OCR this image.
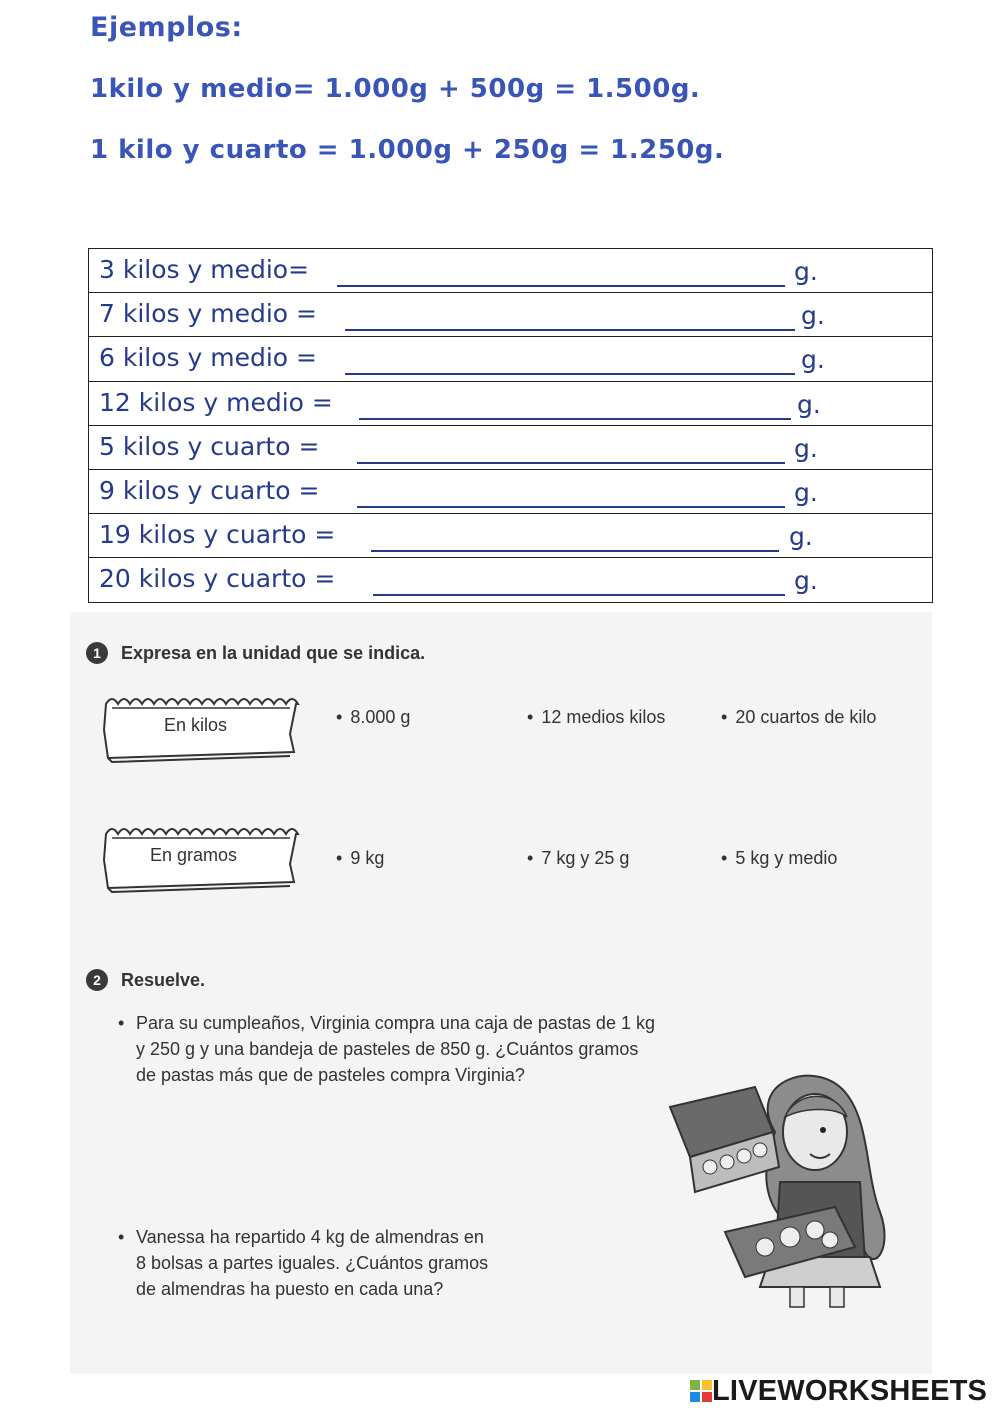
Ejemplos:
1kilo y medio= 1.000g + 500g = 1.500g.
1 kilo y cuarto = 1.000g + 250g = 1.250g.
3 kilos y medio=	g.
7 kilos y medio =	g.
6 kilos y medio =	g.
12 kilos y medio =	g.
5 kilos y cuarto =	g.
9 kilos y cuarto =	g.
19 kilos y cuarto =	g.
20 kilos y cuarto =	g.
1	Expresa en la unidad que se indica.
En kilos	• 8.000 g	• 12 medios kilos	• 20 cuartos de kilo
En gramos	• 9 kg	• 7 kg y 25 g	• 5 kg y medio
2	Resuelve.
• Para su cumpleaños, Virginia compra una caja de pastas de 1 kg
y 250 g y una bandeja de pasteles de 850 g. ¿Cuántos gramos
de pastas más que de pasteles compra Virginia?
• Vanessa ha repartido 4 kg de almendras en
8 bolsas a partes iguales. ¿Cuántos gramos
de almendras ha puesto en cada una?
LIVEWORKSHEETS
